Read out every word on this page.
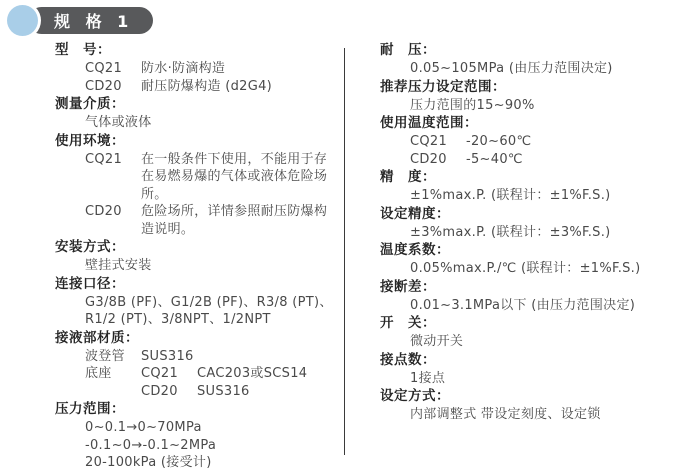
规 格 1
型　号：
CQ21	防水·防滴构造
CD20	耐压防爆构造 (d2G4)
测量介质：
气体或液体
使用环境：
CQ21	在一般条件下使用，不能用于存在易燃易爆的气体或液体危险场所。
CD20	危险场所，详情参照耐压防爆构造说明。
安装方式：
壁挂式安装
连接口径：
G3/8B (PF)、G1/2B (PF)、R3/8 (PT)、
R1/2 (PT)、3/8NPT、1/2NPT
接液部材质：
波登管	SUS316
底座	CQ21	CAC203或SCS14
CD20	SUS316
压力范围：
0~0.1→0~70MPa
-0.1~0→-0.1~2MPa
20-100kPa (接受计)
耐　压：
0.05~105MPa (由压力范围决定)
推荐压力设定范围：
压力范围的15~90%
使用温度范围：
CQ21	-20~60℃
CD20	-5~40℃
精　度：
±1%max.P. (联程计：±1%F.S.)
设定精度：
±3%max.P. (联程计：±3%F.S.)
温度系数：
0.05%max.P./℃ (联程计：±1%F.S.)
接断差：
0.01~3.1MPa以下 (由压力范围决定)
开　关：
微动开关
接点数：
1接点
设定方式：
内部调整式 带设定刻度、设定锁
